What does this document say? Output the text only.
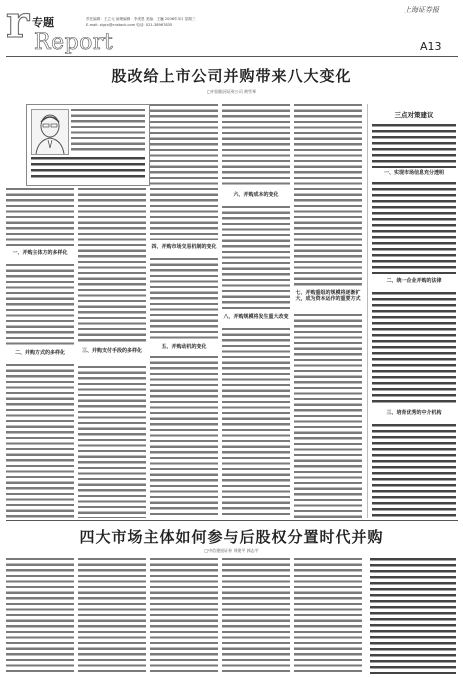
r 专题
Report
责任编辑：王立元 助理编辑：李美恩 美编：王巍 2006年3月 星期三
E-mail: zlgcx@cnstock.com 电话: 021-38967835
上海证券报
A13
股改给上市公司并购带来八大变化
□中国银河证券公司 黄雪琴
一、并购主体方的多样化
二、并购方式的多样化	三、并购支付手段的多样化
四、并购市场交易机制的变化
五、并购动机的变化
六、并购成本的变化
八、并购规模将发生重大改变
七、并购重组的规模将逐渐扩大，成为资本运作的重要方式
三点对策建议
一、实现市场信息充分透明
二、统一企业并购的法律
三、培育优秀的中介机构
四大市场主体如何参与后股权分置时代并购
□中信建投证券 刘建平 郭志平
